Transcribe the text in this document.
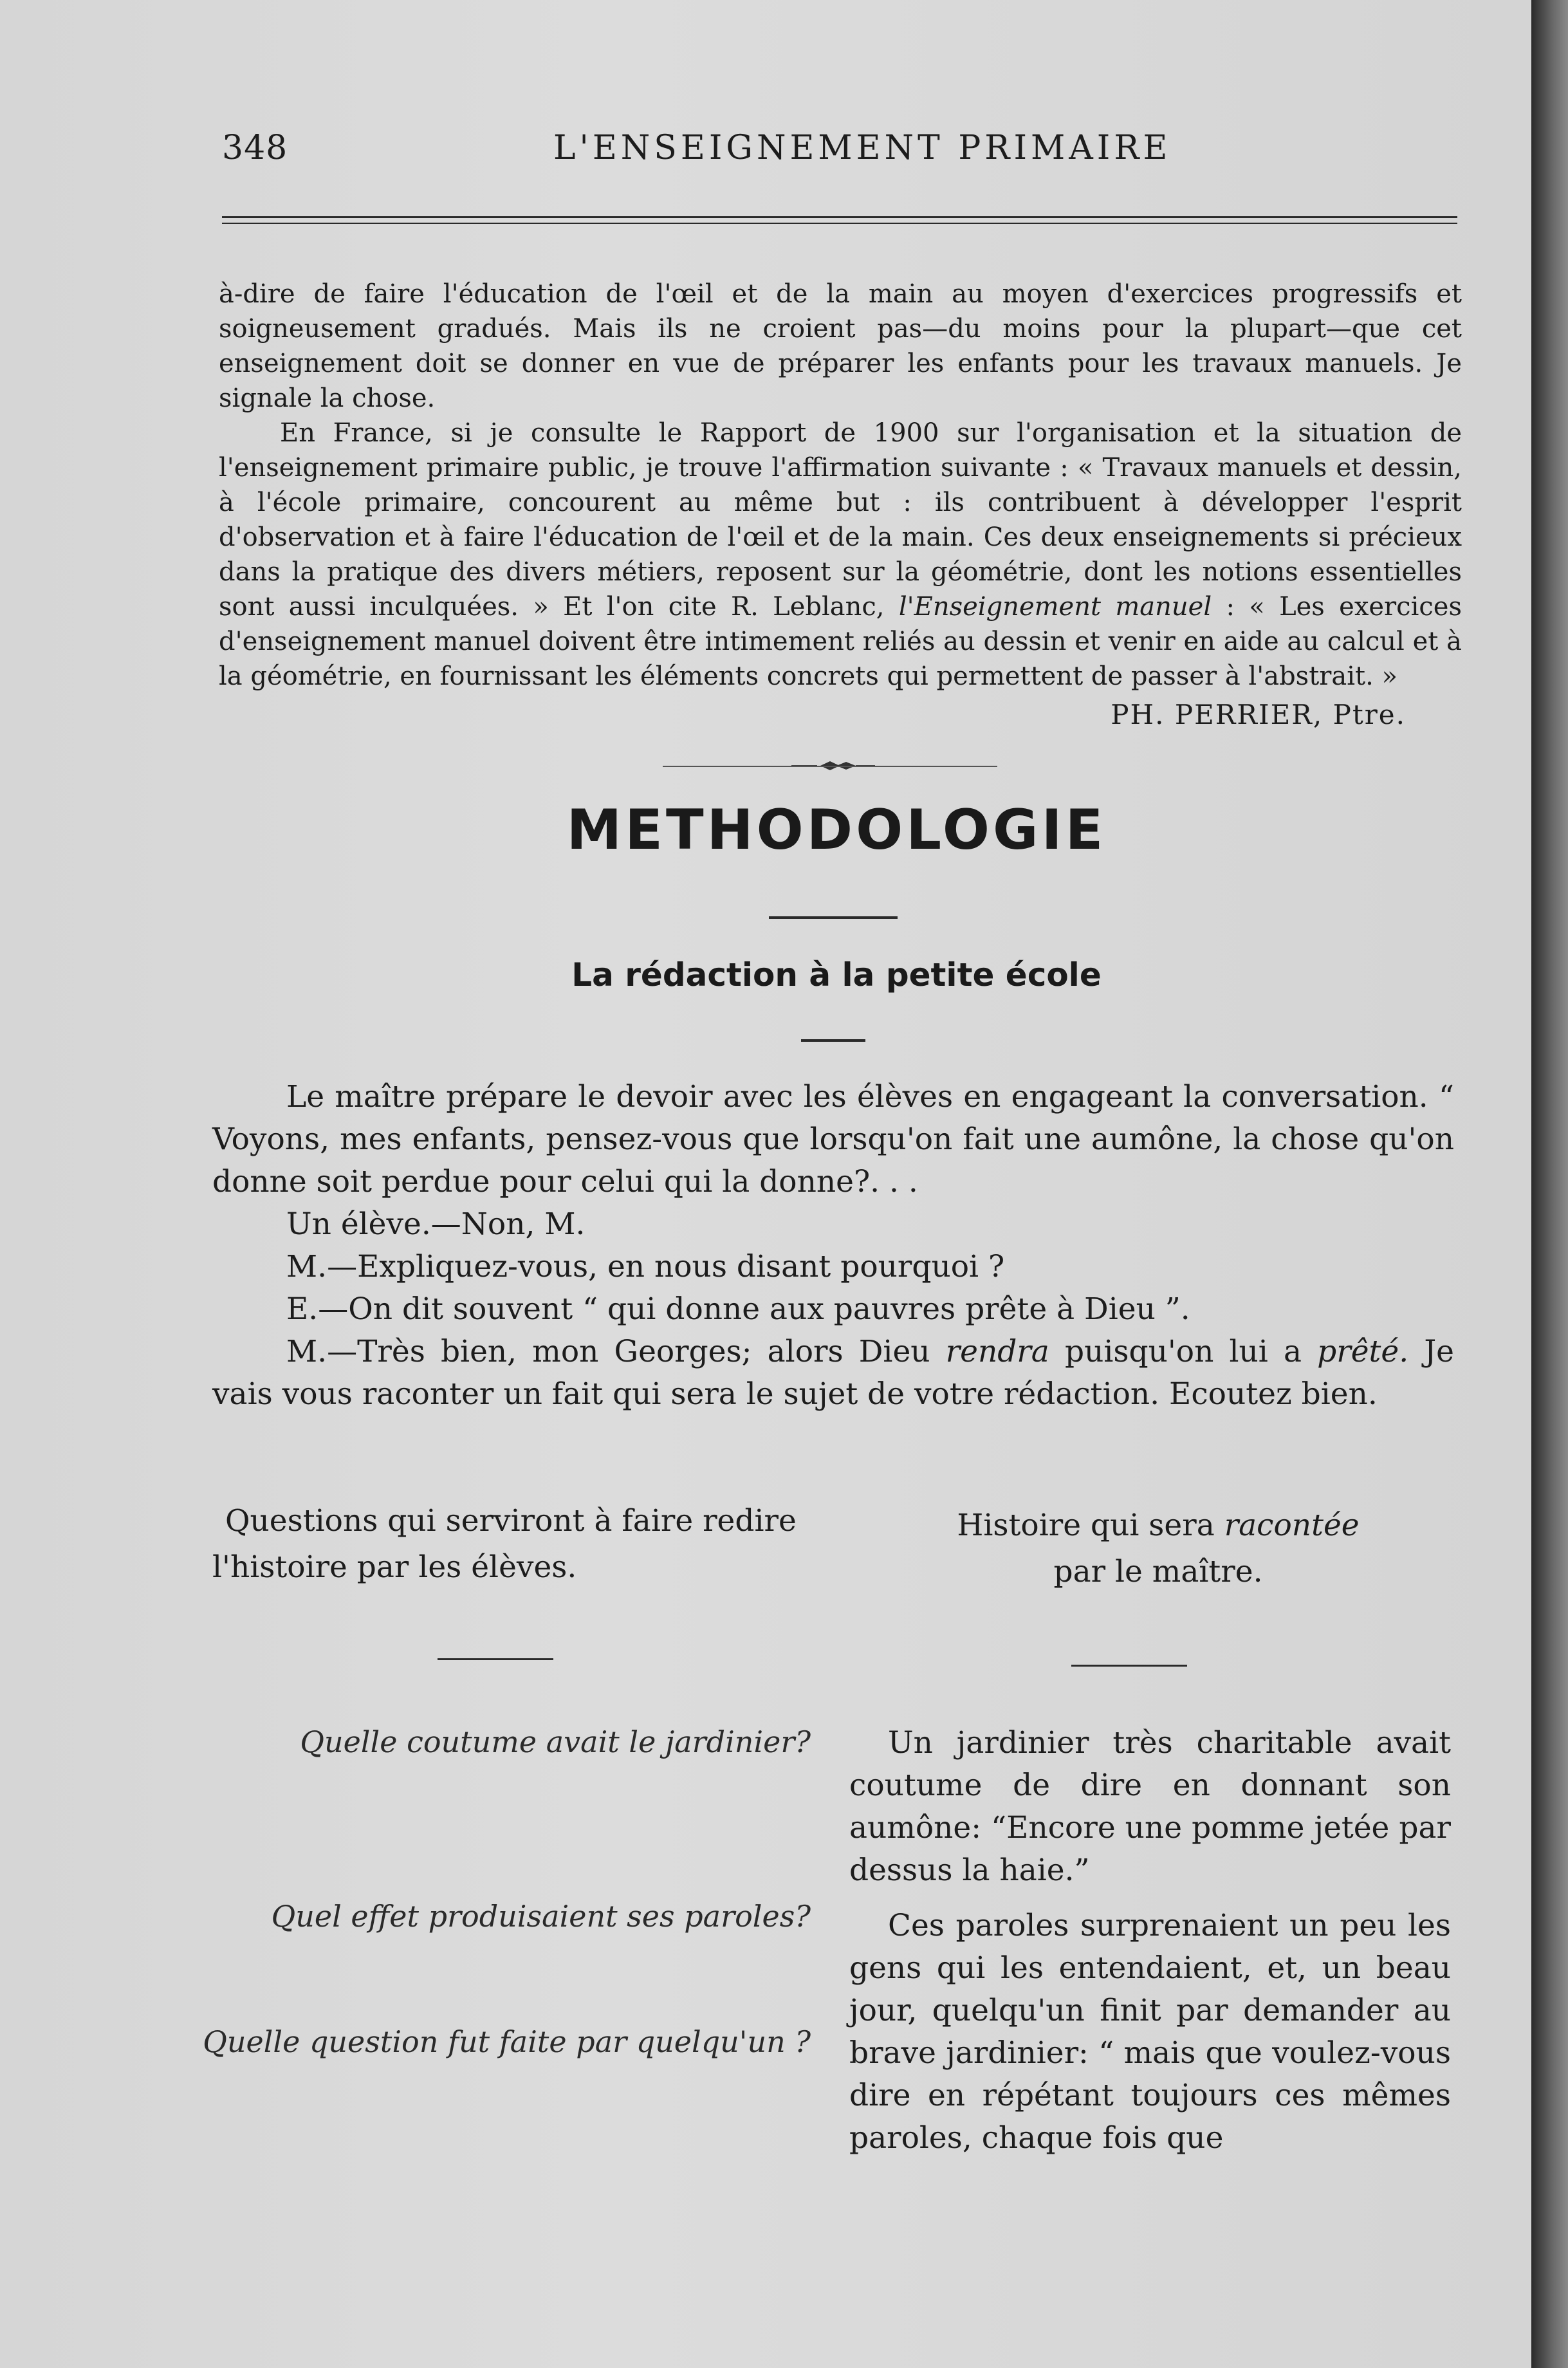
348	L'ENSEIGNEMENT PRIMAIRE

à-dire de faire l'éducation de l'œil et de la main au moyen d'exercices progressifs et soigneusement gradués. Mais ils ne croient pas—du moins pour la plupart—que cet enseignement doit se donner en vue de préparer les enfants pour les travaux manuels. Je signale la chose.

En France, si je consulte le Rapport de 1900 sur l'organisation et la situation de l'enseignement primaire public, je trouve l'affirmation suivante : « Travaux manuels et dessin, à l'école primaire, concourent au même but : ils contribuent à développer l'esprit d'observation et à faire l'éducation de l'œil et de la main. Ces deux enseignements si précieux dans la pratique des divers métiers, reposent sur la géométrie, dont les notions essentielles sont aussi inculquées. » Et l'on cite R. Leblanc, l'Enseignement manuel : « Les exercices d'enseignement manuel doivent être intimement reliés au dessin et venir en aide au calcul et à la géométrie, en fournissant les éléments concrets qui permettent de passer à l'abstrait. »

PH. PERRIER, Ptre.
METHODOLOGIE
La rédaction à la petite école

Le maître prépare le devoir avec les élèves en engageant la conversation. “ Voyons, mes enfants, pensez-vous que lorsqu'on fait une aumône, la chose qu'on donne soit perdue pour celui qui la donne?. . .

Un élève.—Non, M.

M.—Expliquez-vous, en nous disant pourquoi ?

E.—On dit souvent “ qui donne aux pauvres prête à Dieu ”.

M.—Très bien, mon Georges; alors Dieu rendra puisqu'on lui a prêté. Je vais vous raconter un fait qui sera le sujet de votre rédaction. Ecoutez bien.

Questions qui serviront à faire redire l'histoire par les élèves.
Histoire qui sera racontée
par le maître.
Quelle coutume avait le jardinier?
Quel effet produisaient ses paroles?
Quelle question fut faite par quelqu'un ?

Un jardinier très charitable avait coutume de dire en donnant son aumône: “Encore une pomme jetée par dessus la haie.”

Ces paroles surprenaient un peu les gens qui les entendaient, et, un beau jour, quelqu'un finit par demander au brave jardinier: “ mais que voulez-vous dire en répétant toujours ces mêmes paroles, chaque fois que
